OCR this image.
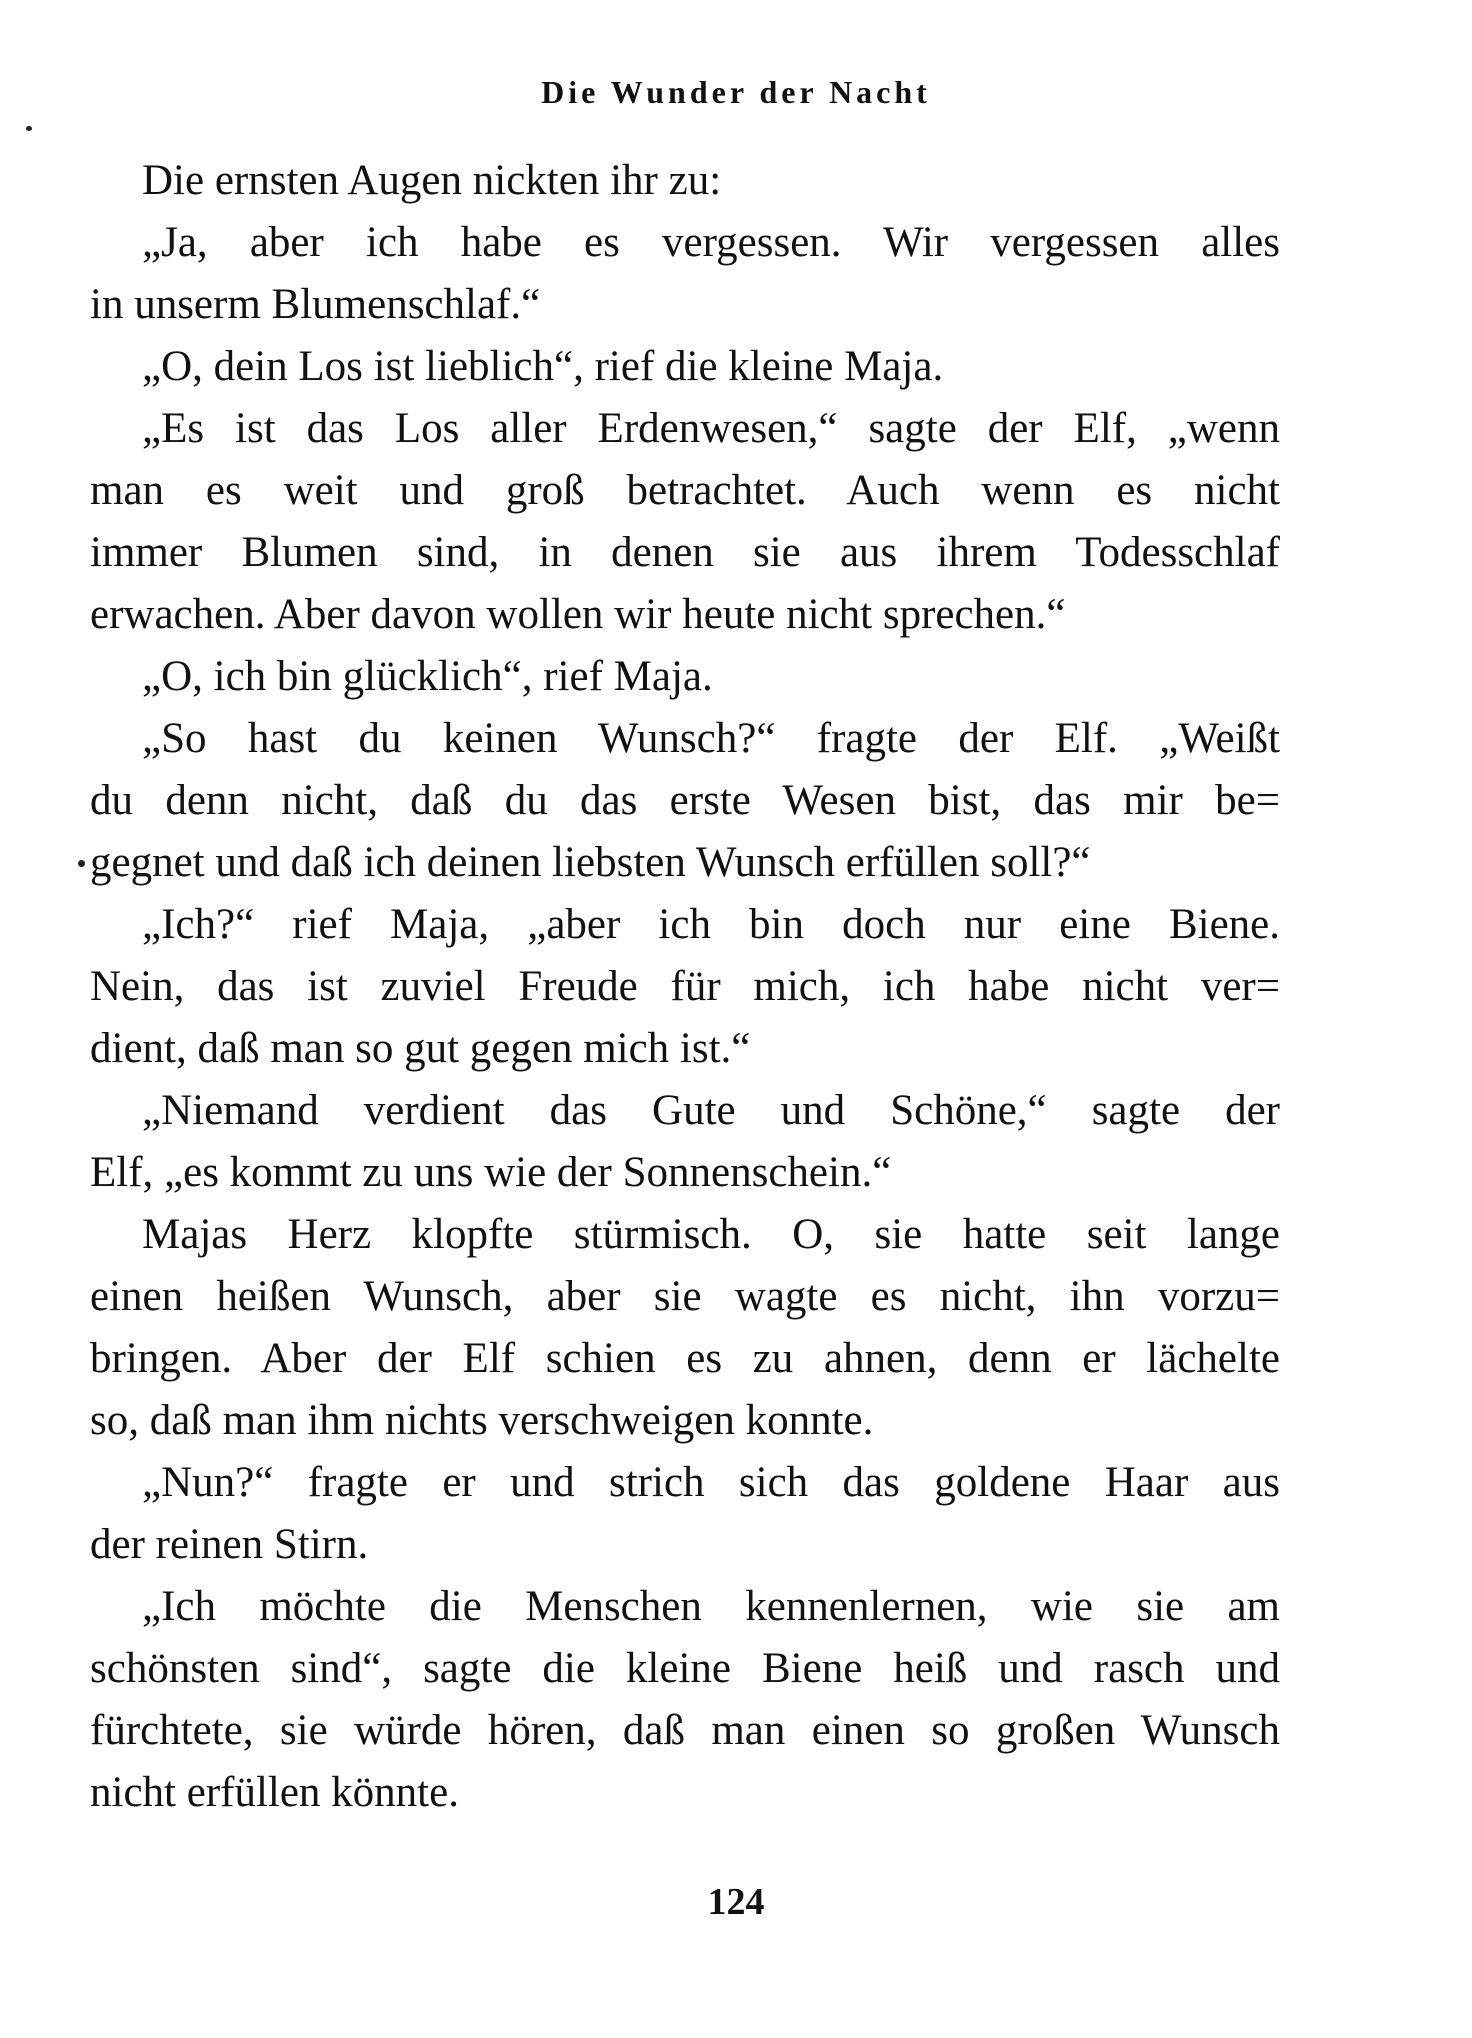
Die Wunder der Nacht
Die ernsten Augen nickten ihr zu:
„Ja, aber ich habe es vergessen. Wir vergessen alles
in unserm Blumenschlaf.“
„O, dein Los ist lieblich“, rief die kleine Maja.
„Es ist das Los aller Erdenwesen,“ sagte der Elf, „wenn
man es weit und groß betrachtet. Auch wenn es nicht
immer Blumen sind, in denen sie aus ihrem Todesschlaf
erwachen. Aber davon wollen wir heute nicht sprechen.“
„O, ich bin glücklich“, rief Maja.
„So hast du keinen Wunsch?“ fragte der Elf. „Weißt
du denn nicht, daß du das erste Wesen bist, das mir be=
gegnet und daß ich deinen liebsten Wunsch erfüllen soll?“
„Ich?“ rief Maja, „aber ich bin doch nur eine Biene.
Nein, das ist zuviel Freude für mich, ich habe nicht ver=
dient, daß man so gut gegen mich ist.“
„Niemand verdient das Gute und Schöne,“ sagte der
Elf, „es kommt zu uns wie der Sonnenschein.“
Majas Herz klopfte stürmisch. O, sie hatte seit lange
einen heißen Wunsch, aber sie wagte es nicht, ihn vorzu=
bringen. Aber der Elf schien es zu ahnen, denn er lächelte
so, daß man ihm nichts verschweigen konnte.
„Nun?“ fragte er und strich sich das goldene Haar aus
der reinen Stirn.
„Ich möchte die Menschen kennenlernen, wie sie am
schönsten sind“, sagte die kleine Biene heiß und rasch und
fürchtete, sie würde hören, daß man einen so großen Wunsch
nicht erfüllen könnte.
124
